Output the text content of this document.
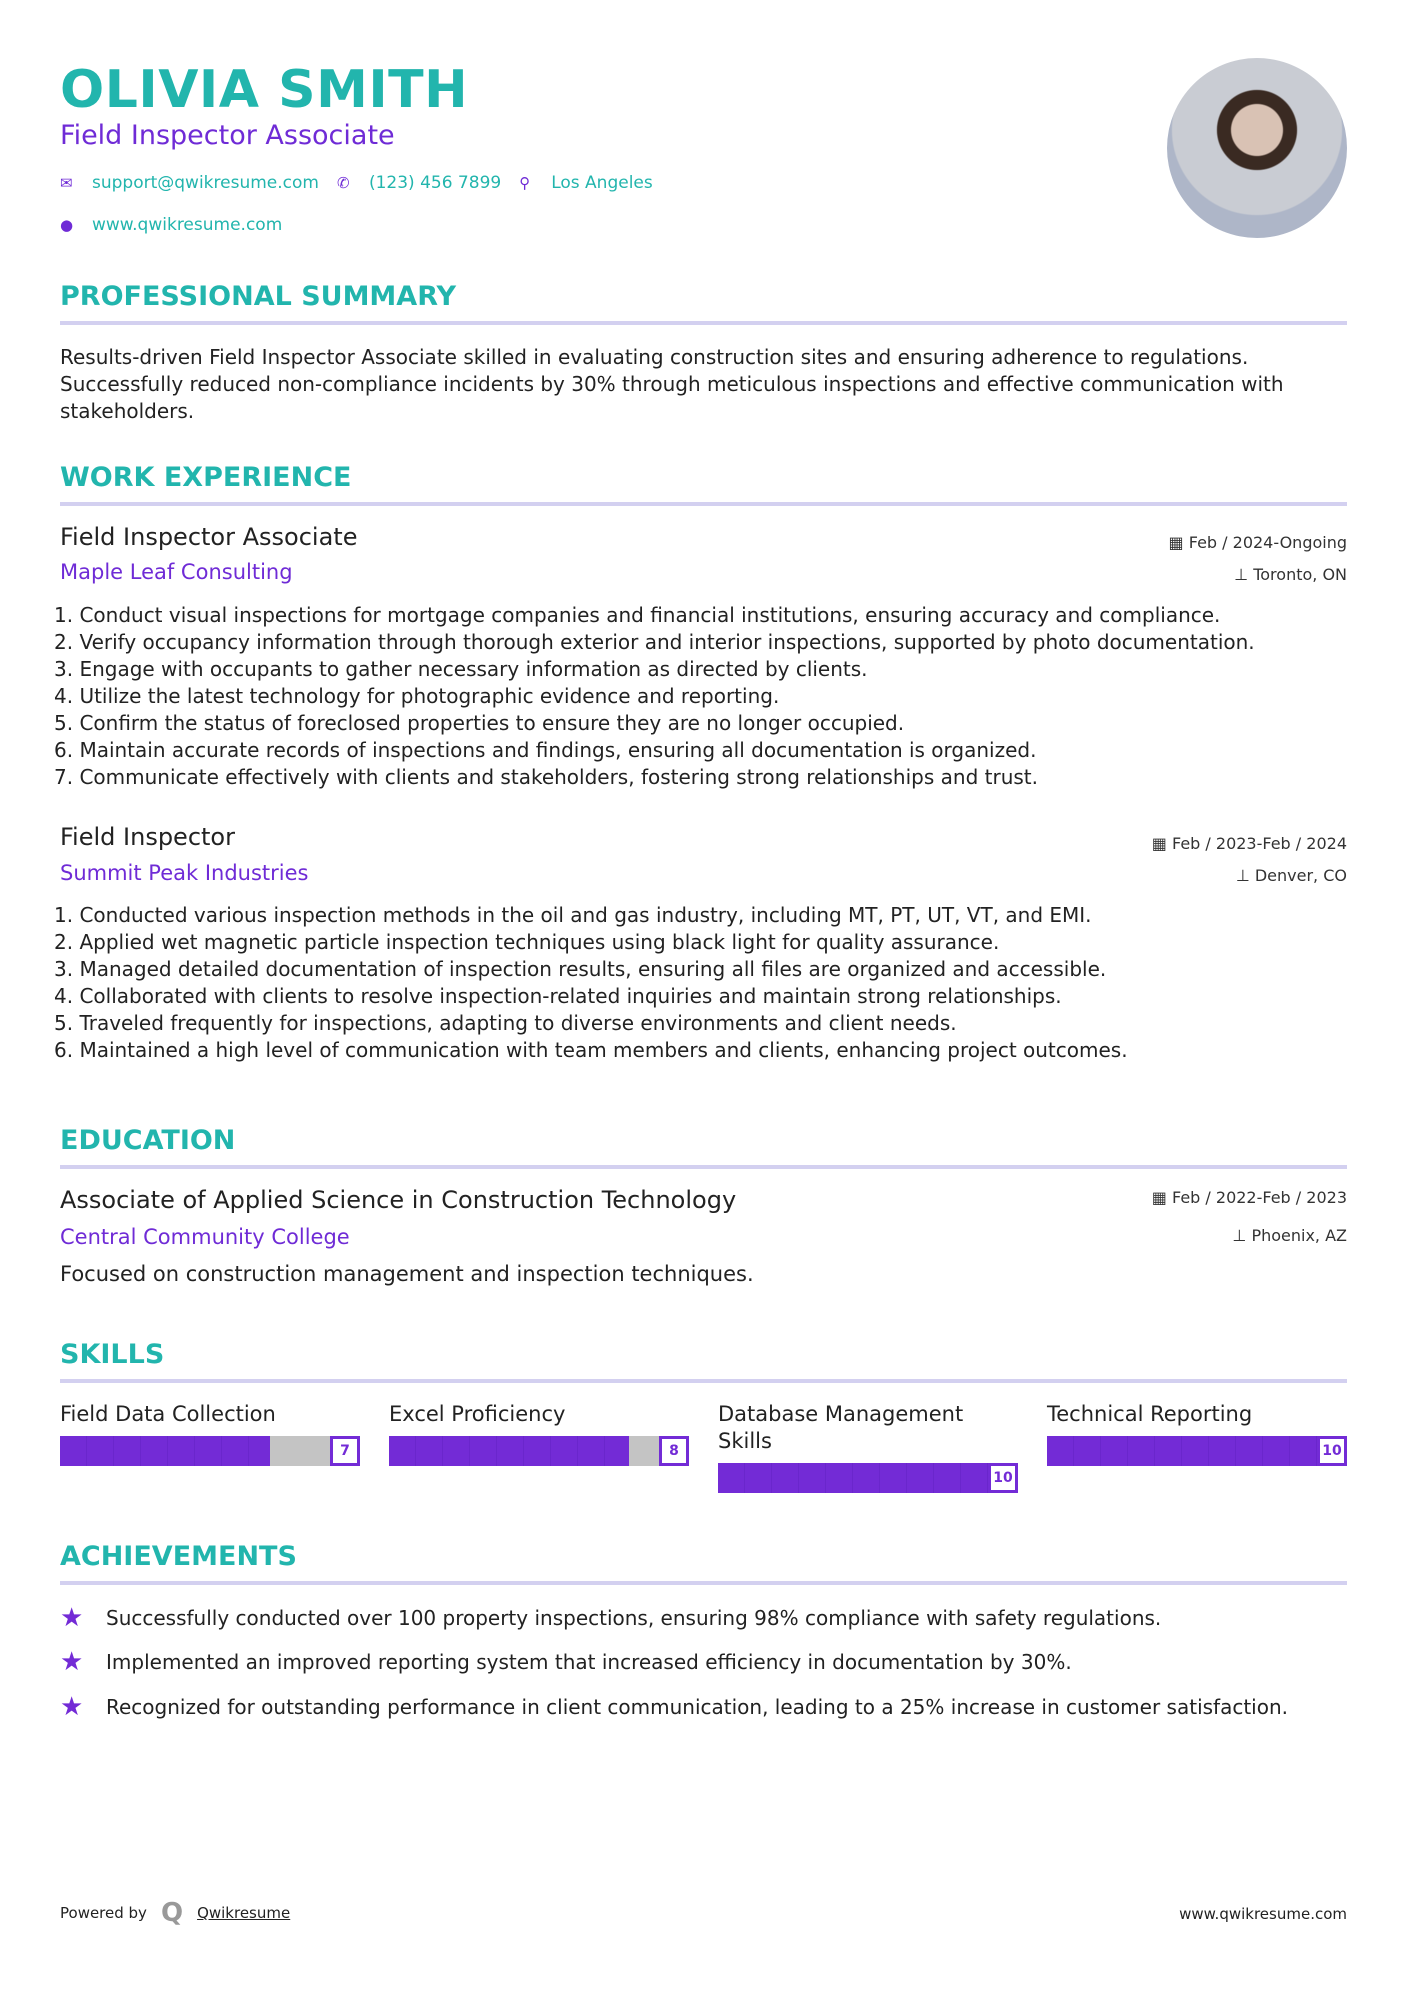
OLIVIA SMITH
Field Inspector Associate
✉	support@qwikresume.com ✆	(123) 456 7899 ⚲	Los Angeles
●	www.qwikresume.com
PROFESSIONAL SUMMARY
Results-driven Field Inspector Associate skilled in evaluating construction sites and ensuring adherence to regulations. Successfully reduced non-compliance incidents by 30% through meticulous inspections and effective communication with stakeholders.
WORK EXPERIENCE
Field Inspector Associate
Maple Leaf Consulting
▦ Feb / 2024-Ongoing
⊥ Toronto, ON
1. Conduct visual inspections for mortgage companies and financial institutions, ensuring accuracy and compliance.
2. Verify occupancy information through thorough exterior and interior inspections, supported by photo documentation.
3. Engage with occupants to gather necessary information as directed by clients.
4. Utilize the latest technology for photographic evidence and reporting.
5. Confirm the status of foreclosed properties to ensure they are no longer occupied.
6. Maintain accurate records of inspections and findings, ensuring all documentation is organized.
7. Communicate effectively with clients and stakeholders, fostering strong relationships and trust.
Field Inspector
Summit Peak Industries
▦ Feb / 2023-Feb / 2024
⊥ Denver, CO
1. Conducted various inspection methods in the oil and gas industry, including MT, PT, UT, VT, and EMI.
2. Applied wet magnetic particle inspection techniques using black light for quality assurance.
3. Managed detailed documentation of inspection results, ensuring all files are organized and accessible.
4. Collaborated with clients to resolve inspection-related inquiries and maintain strong relationships.
5. Traveled frequently for inspections, adapting to diverse environments and client needs.
6. Maintained a high level of communication with team members and clients, enhancing project outcomes.
EDUCATION
Associate of Applied Science in Construction Technology
Central Community College
▦ Feb / 2022-Feb / 2023
⊥ Phoenix, AZ
Focused on construction management and inspection techniques.
SKILLS
Field Data Collection
7
Excel Proficiency
8
Database Management Skills
10
Technical Reporting
10
ACHIEVEMENTS
★	Successfully conducted over 100 property inspections, ensuring 98% compliance with safety regulations.
★	Implemented an improved reporting system that increased efficiency in documentation by 30%.
★	Recognized for outstanding performance in client communication, leading to a 25% increase in customer satisfaction.
Powered by Q Qwikresume	www.qwikresume.com
